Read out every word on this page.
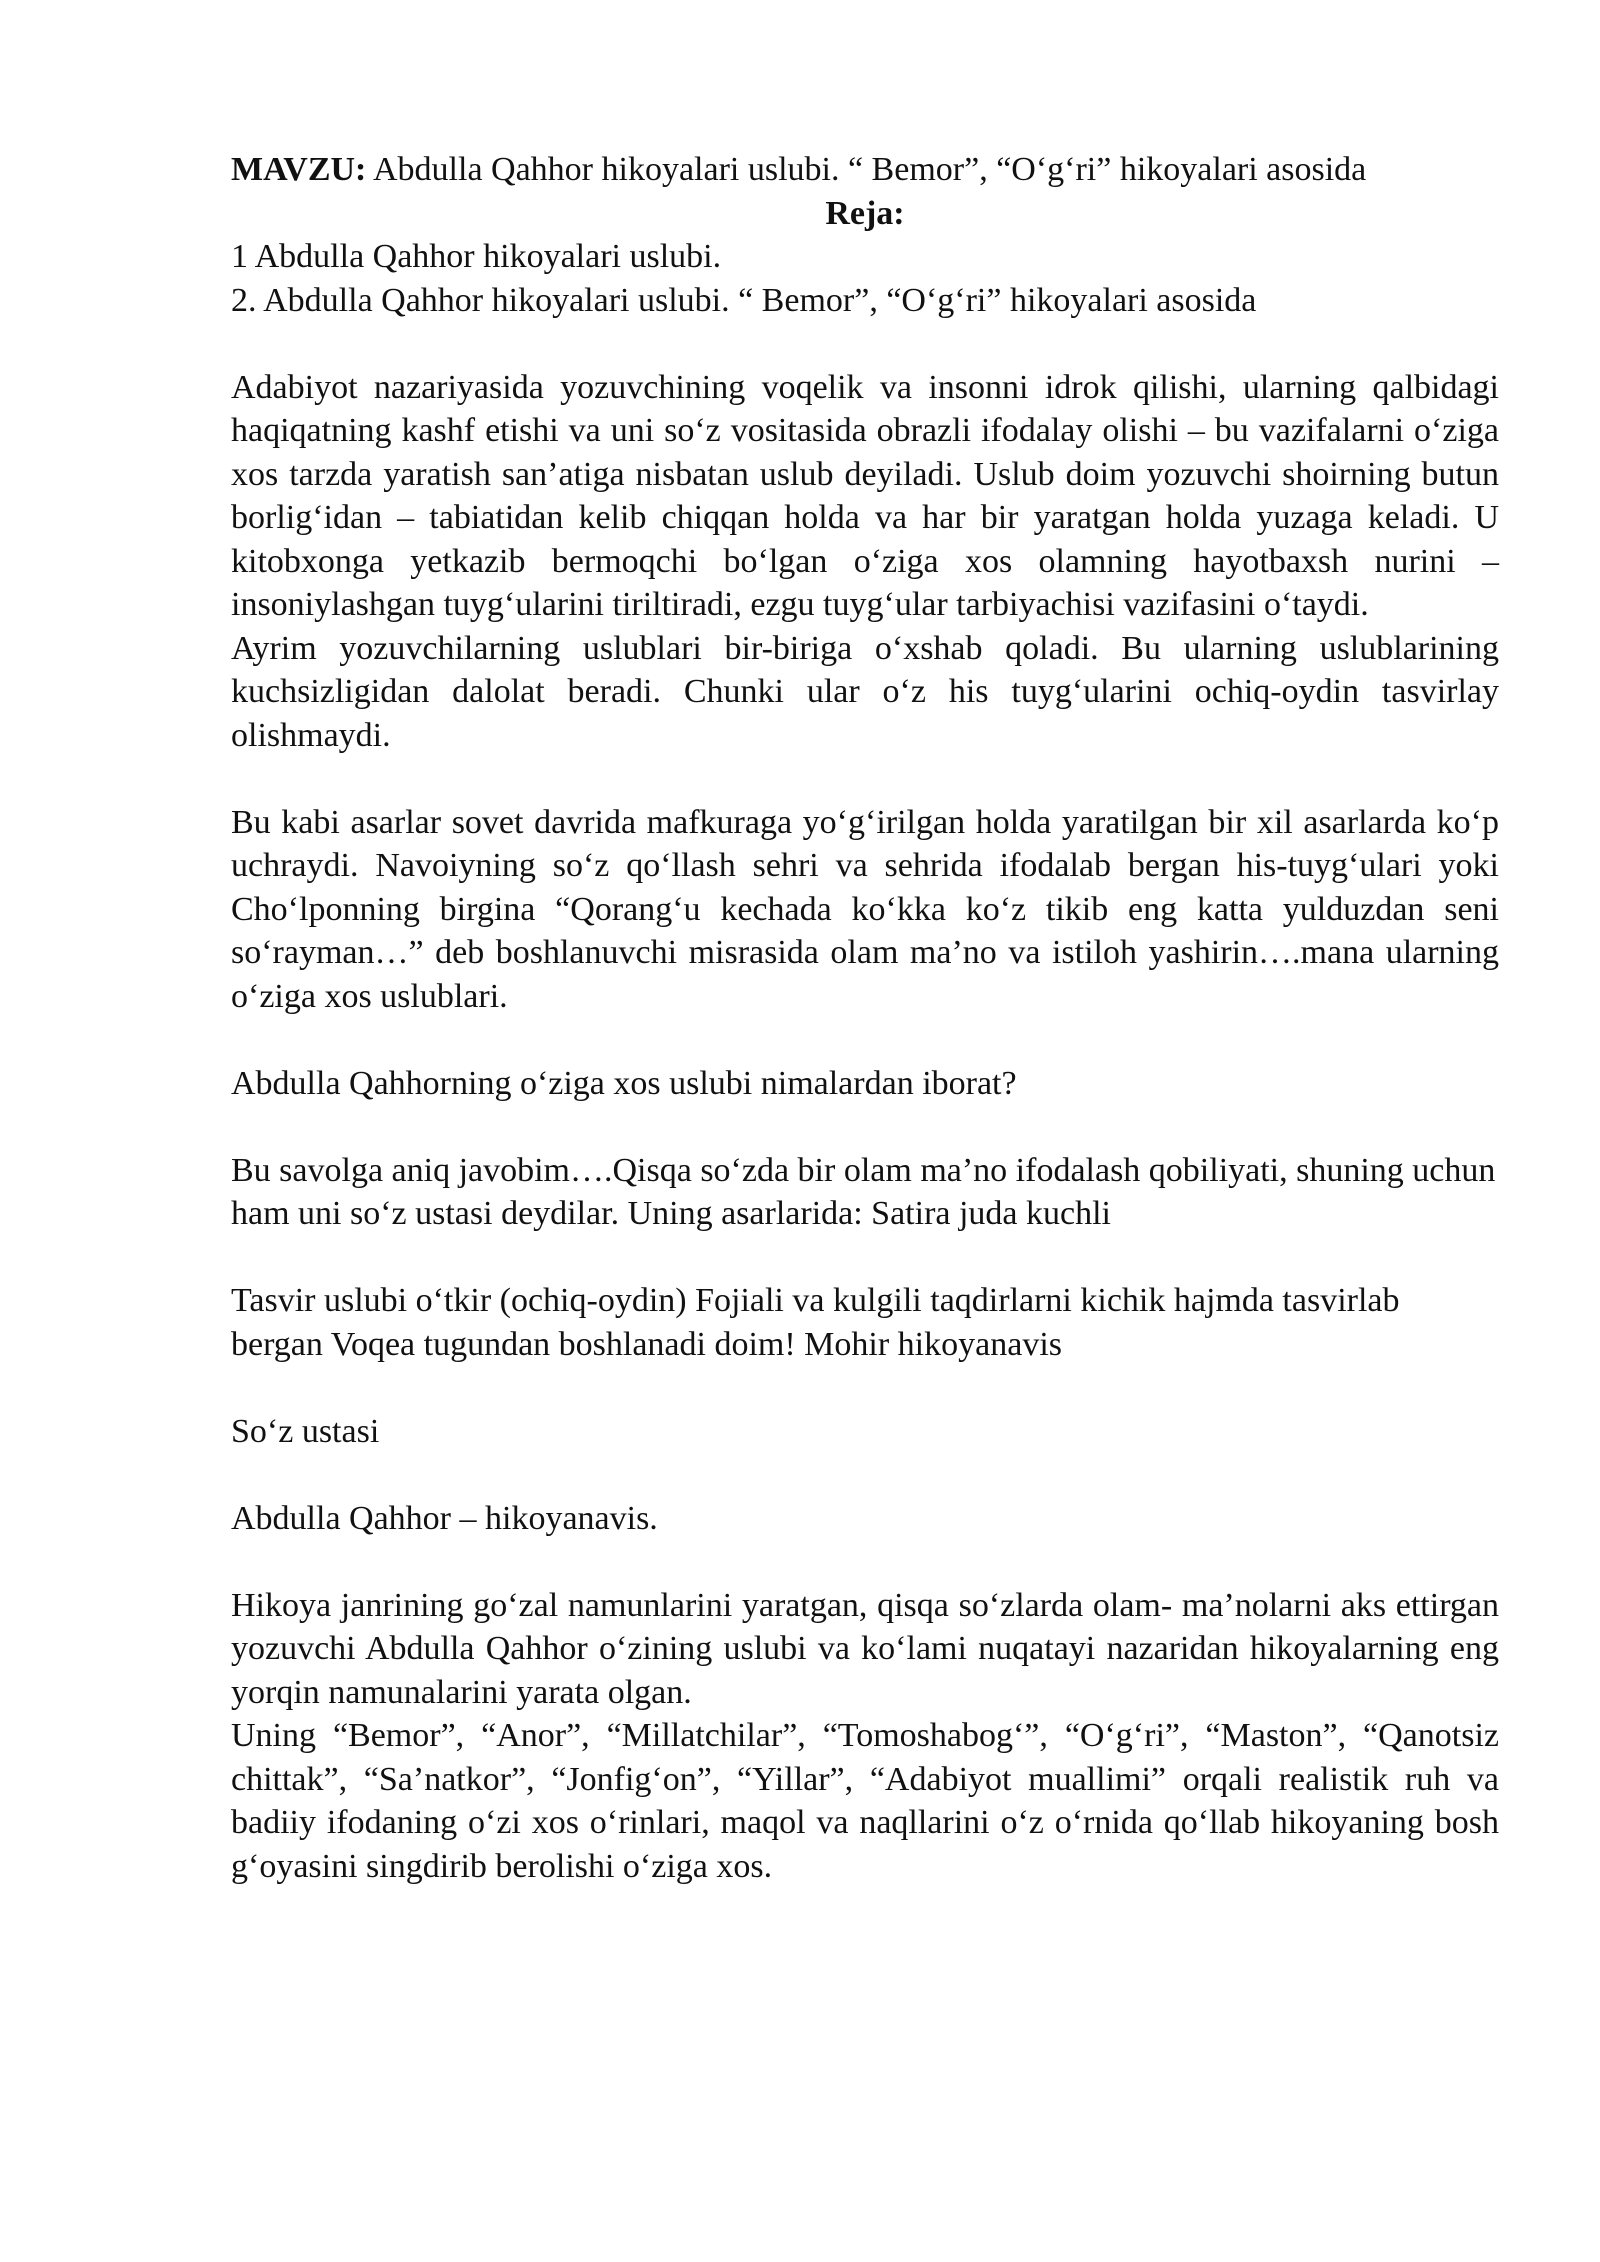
MAVZU: Abdulla Qahhor hikoyalari uslubi. “ Bemor”, “O‘g‘ri” hikoyalari asosida

Reja:

1 Abdulla Qahhor hikoyalari uslubi.

2. Abdulla Qahhor hikoyalari uslubi. “ Bemor”, “O‘g‘ri” hikoyalari asosida

Adabiyot nazariyasida yozuvchining voqelik va insonni idrok qilishi, ularning qalbidagi haqiqatning kashf etishi va uni so‘z vositasida obrazli ifodalay olishi – bu vazifalarni o‘ziga xos tarzda yaratish san’atiga nisbatan uslub deyiladi. Uslub doim yozuvchi shoirning butun borlig‘idan – tabiatidan kelib chiqqan holda va har bir yaratgan holda yuzaga keladi. U kitobxonga yetkazib bermoqchi bo‘lgan o‘ziga xos olamning hayotbaxsh nurini – insoniylashgan tuyg‘ularini tiriltiradi, ezgu tuyg‘ular tarbiyachisi vazifasini o‘taydi.

Ayrim yozuvchilarning uslublari bir-biriga o‘xshab qoladi. Bu ularning uslublarining kuchsizligidan dalolat beradi. Chunki ular o‘z his tuyg‘ularini ochiq-oydin tasvirlay olishmaydi.

Bu kabi asarlar sovet davrida mafkuraga yo‘g‘irilgan holda yaratilgan bir xil asarlarda ko‘p uchraydi. Navoiyning so‘z qo‘llash sehri va sehrida ifodalab bergan his-tuyg‘ulari yoki Cho‘lponning birgina “Qorang‘u kechada ko‘kka ko‘z tikib eng katta yulduzdan seni so‘rayman…” deb boshlanuvchi misrasida olam ma’no va istiloh yashirin….mana ularning o‘ziga xos uslublari.

Abdulla Qahhorning o‘ziga xos uslubi nimalardan iborat?

Bu savolga aniq javobim….Qisqa so‘zda bir olam ma’no ifodalash qobiliyati, shuning uchun ham uni so‘z ustasi deydilar. Uning asarlarida: Satira juda kuchli

Tasvir uslubi o‘tkir (ochiq-oydin) Fojiali va kulgili taqdirlarni kichik hajmda tasvirlab bergan Voqea tugundan boshlanadi doim! Mohir hikoyanavis

So‘z ustasi

Abdulla Qahhor – hikoyanavis.

Hikoya janrining go‘zal namunlarini yaratgan, qisqa so‘zlarda olam- ma’nolarni aks ettirgan yozuvchi Abdulla Qahhor o‘zining uslubi va ko‘lami nuqatayi nazaridan hikoyalarning eng yorqin namunalarini yarata olgan.

Uning “Bemor”, “Anor”, “Millatchilar”, “Tomoshabog‘”, “O‘g‘ri”, “Maston”, “Qanotsiz chittak”, “Sa’natkor”, “Jonfig‘on”, “Yillar”, “Adabiyot muallimi” orqali realistik ruh va badiiy ifodaning o‘zi xos o‘rinlari, maqol va naqllarini o‘z o‘rnida qo‘llab hikoyaning bosh g‘oyasini singdirib berolishi o‘ziga xos.
